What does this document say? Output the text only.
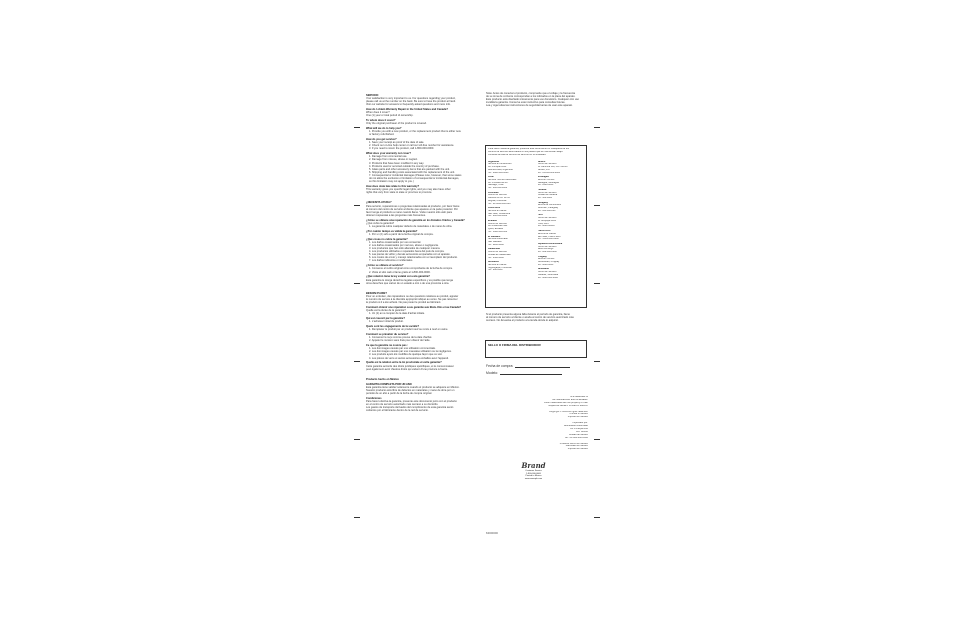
SERVICIO

Your satisfaction is very important to us. For questions regarding your product,

please call us at the number on the back. Be sure to have the product at hand.

Visit our website for answers to frequently asked questions and more info.

How do I obtain Warranty Repair in the United States and Canada?

When does it cover?

One (1) year or total period of ownership.

To whom does it cover?

Only the original purchaser of the product is covered.

What will we do to help you?

1. Provide you with a new product, or the replacement product that is either new

or factory refurbished.

How do you get service?

1. Save your receipt as proof of the date of sale.

2. Check our on-line help center or call our toll-free number for assistance.

3. If you need to return the product, call 1-800-000-0000.

What does your warranty not cover?

1. Damage from commercial use.

2. Damage from misuse, abuse or neglect.

3. Products that have been modified in any way.

4. Products used or serviced outside the country of purchase.

5. Glass parts and other accessory items that are packed with the unit.

6. Shipping and handling costs associated with the replacement of the unit.

7. Consequential or incidental damages (Please note, however, that some states

do not allow the exclusion or limitation of consequential or incidental damages,

so this limitation may not apply to you.)

How does state law relate to this warranty?

This warranty gives you specific legal rights, and you may also have other

rights that vary from state to state or province to province.

¿NECESITA AYUDA?

Para servicio, reparaciones o preguntas relacionadas al producto, por favor llame

al número del centro de servicio al cliente que aparece en la parte posterior. Por

favor tenga el producto a mano cuando llame. Visite nuestro sitio web para

obtener respuestas a las preguntas más frecuentes.

¿Cómo se obtiene una reparación de garantía en los Estados Unidos y Canadá?

¿Qué cubre la garantía?

1. La garantía cubre cualquier defecto de materiales o de mano de obra.

¿Por cuánto tiempo es válida la garantía?

1. Por un (1) año a partir de la fecha original de compra.

¿Qué cosas no cubre la garantía?

1. Los daños ocasionados por uso comercial.

2. Los daños ocasionados por mal uso, abuso o negligencia.

3. Los productos que han sido alterados de cualquier manera.

4. Los productos utilizados o reparados fuera del país de compra.

5. Las piezas de vidrio y demás accesorios empacados con el aparato.

6. Los costos de envío y manejo relacionados con el reemplazo del producto.

7. Los daños indirectos o incidentales.

¿Cómo se obtiene el servicio?

1. Conserve el recibo original como comprobante de la fecha de compra.

2. Visite el sitio web o llame gratis al 1-800-000-0000.

¿Qué relación tiene la ley estatal con esta garantía?

Esta garantía le otorga derechos legales específicos y es posible que tenga

otros derechos que varían de un estado a otro o de una provincia a otra.

BESOIN D'AIDE?

Pour un entretien, des réparations ou des questions relatives au produit, appeler

le numéro de service à la clientèle approprié indiqué au verso. Ne pas retourner

le produit où il a été acheté. Ne pas poster le produit au fabricant.

Comment obtenir une réparation sous garantie aux États-Unis et au Canada?

Quelle est la durée de la garantie?

1. Un (1) an à compter de la date d'achat initiale.

Qui est couvert par la garantie?

1. L'acheteur initial du produit.

Quels sont les engagements de la société?

1. Remplacer le produit par un produit neuf ou remis à neuf en usine.

Comment se prévaloir du service?

1. Conserver le reçu comme preuve de la date d'achat.

2. Appeler le numéro sans frais pour obtenir de l'aide.

Ce que la garantie ne couvre pas :

1. Les dommages causés par une utilisation commerciale.

2. Les dommages causés par une mauvaise utilisation ou la négligence.

3. Les produits ayant été modifiés de quelque façon que ce soit.

4. Les pièces de verre et autres accessoires emballés avec l'appareil.

Quelle est la relation entre la loi provinciale et cette garantie?

Cette garantie accorde des droits juridiques spécifiques, et le consommateur

peut également avoir d'autres droits qui varient d'une province à l'autre.

Producto hecho en México

GARANTÍA COMPLETA POR UN AÑO

Esta garantía tiene validez solamente cuando el producto se adquiere en México.

Nuestro producto está libre de defectos en materiales y mano de obra por un

período de un año a partir de la fecha de compra original.

Condiciones

Para hacer efectiva la garantía, presente este documento junto con el producto

en el centro de servicio autorizado más cercano a su domicilio.

Los gastos de transporte derivados del cumplimiento de esta garantía serán

cubiertos por el fabricante dentro de la red de servicio.

Nota: Antes de conectar el producto, compruebe que el voltaje y la frecuencia

de su toma de corriente correspondan a los indicados en la placa del aparato.

Este producto está diseñado únicamente para uso doméstico. Cualquier otro uso

invalida la garantía. Conserve este instructivo para consultas futuras.

Lea y siga todas las instrucciones de seguridad antes de usar este aparato.

Para hacer válida la garantía, presente este documento en cualquiera de los

centros de servicio autorizados en los países que se mencionan abajo.

Consulte la lista de centros de servicio en su localidad.

Argentina

Servicio al Consumidor

Av. Principal 1234

Buenos Aires, Argentina

Tel.: 0800-000-0000

Chile

Servicio Técnico Autorizado

Av. Providencia 567

Santiago, Chile

Tel.: 600-000-0000

Colombia

Centro de Servicio

Carrera 45 No. 12-34

Bogotá, Colombia

Tel.: 01-8000-000-000

Costa Rica

Servicio al Cliente

San José, Costa Rica

Tel.: 800-000-0000

Ecuador

Centro de Servicio

Av. Amazonas N24

Quito, Ecuador

Tel.: 1800-000-000

El Salvador

Servicio Autorizado

San Salvador

Tel.: 2200-0000

Guatemala

Centro de Servicio

Ciudad de Guatemala

Tel.: 2300-0000

Honduras

Servicio al Cliente

Tegucigalpa, Honduras

Tel.: 800-0000

México

Centro de Servicio

Av. Reforma 100, Col. Centro

México, D.F.

Tel.: 01-800-000-0000

Nicaragua

Servicio Técnico

Managua, Nicaragua

Tel.: 2200-0000

Panamá

Centro de Servicio

Ciudad de Panamá

Tel.: 300-0000

Paraguay

Servicio al Consumidor

Asunción, Paraguay

Tel.: 021-000-000

Perú

Centro de Servicio

Av. Arequipa 1200

Lima, Perú

Tel.: 0800-00000

Puerto Rico

Servicio al Cliente

San Juan, Puerto Rico

Tel.: 1-800-000-0000

República Dominicana

Centro de Servicio

Santo Domingo

Tel.: 809-000-0000

Uruguay

Servicio Técnico

Montevideo, Uruguay

Tel.: 0800-0000

Venezuela

Centro de Servicio

Caracas, Venezuela

Tel.: 0800-000-0000

Si el producto presenta alguna falla durante el período de garantía, llame

al número de servicio al cliente o acuda al centro de servicio autorizado más

cercano. No devuelva el producto a la tienda donde lo adquirió.

SELLO O FIRMA DEL DISTRIBUIDOR
Fecha de compra:
Modelo:

is a trademark of

the manufacturer and its affiliates.

Other trademarks are the property of their

respective owners. Printed in Mexico.

Copyright © 2009 All rights reserved.

Printed in Mexico

Impreso en México

Importado por:

Distribuidor Autorizado

Av. Principal 100

Col. Centro

Ciudad de México

Tel.: 01-800-000-0000

Producto hecho en México

Fabricado en México

Impreso en México

Brand

Customer Service

1-800-000-0000

Printed in Mexico

www.example.com

840000000
